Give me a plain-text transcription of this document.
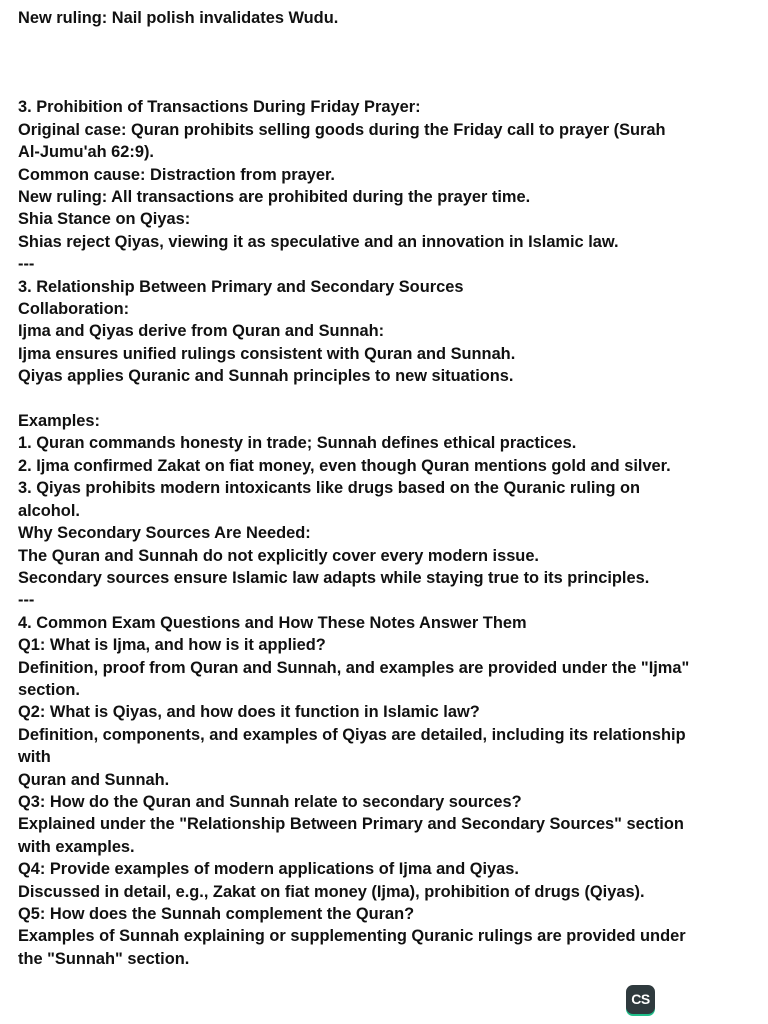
New ruling: Nail polish invalidates Wudu.

3. Prohibition of Transactions During Friday Prayer:

Original case: Quran prohibits selling goods during the Friday call to prayer (Surah

Al-Jumu'ah 62:9).

Common cause: Distraction from prayer.

New ruling: All transactions are prohibited during the prayer time.

Shia Stance on Qiyas:

Shias reject Qiyas, viewing it as speculative and an innovation in Islamic law.

---

3. Relationship Between Primary and Secondary Sources

Collaboration:

Ijma and Qiyas derive from Quran and Sunnah:

Ijma ensures unified rulings consistent with Quran and Sunnah.

Qiyas applies Quranic and Sunnah principles to new situations.

Examples:

1. Quran commands honesty in trade; Sunnah defines ethical practices.

2. Ijma confirmed Zakat on fiat money, even though Quran mentions gold and silver.

3. Qiyas prohibits modern intoxicants like drugs based on the Quranic ruling on

alcohol.

Why Secondary Sources Are Needed:

The Quran and Sunnah do not explicitly cover every modern issue.

Secondary sources ensure Islamic law adapts while staying true to its principles.

---

4. Common Exam Questions and How These Notes Answer Them

Q1: What is Ijma, and how is it applied?

Definition, proof from Quran and Sunnah, and examples are provided under the "Ijma"

section.

Q2: What is Qiyas, and how does it function in Islamic law?

Definition, components, and examples of Qiyas are detailed, including its relationship

with

Quran and Sunnah.

Q3: How do the Quran and Sunnah relate to secondary sources?

Explained under the "Relationship Between Primary and Secondary Sources" section

with examples.

Q4: Provide examples of modern applications of Ijma and Qiyas.

Discussed in detail, e.g., Zakat on fiat money (Ijma), prohibition of drugs (Qiyas).

Q5: How does the Sunnah complement the Quran?

Examples of Sunnah explaining or supplementing Quranic rulings are provided under

the "Sunnah" section.

CS
